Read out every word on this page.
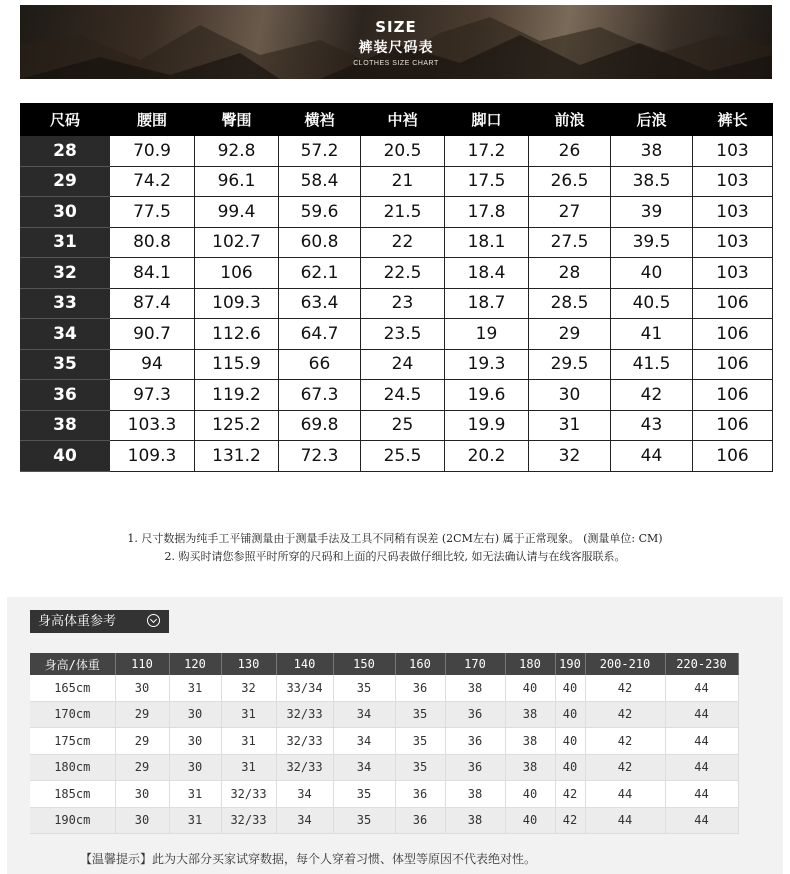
SIZE
裤装尺码表
CLOTHES SIZE CHART
尺码	腰围	臀围	横裆	中裆	脚口	前浪	后浪	裤长
28	70.9	92.8	57.2	20.5	17.2	26	38	103
29	74.2	96.1	58.4	21	17.5	26.5	38.5	103
30	77.5	99.4	59.6	21.5	17.8	27	39	103
31	80.8	102.7	60.8	22	18.1	27.5	39.5	103
32	84.1	106	62.1	22.5	18.4	28	40	103
33	87.4	109.3	63.4	23	18.7	28.5	40.5	106
34	90.7	112.6	64.7	23.5	19	29	41	106
35	94	115.9	66	24	19.3	29.5	41.5	106
36	97.3	119.2	67.3	24.5	19.6	30	42	106
38	103.3	125.2	69.8	25	19.9	31	43	106
40	109.3	131.2	72.3	25.5	20.2	32	44	106
1. 尺寸数据为纯手工平铺测量由于测量手法及工具不同稍有误差 (2CM左右) 属于正常现象。 (测量单位: CM)
2. 购买时请您参照平时所穿的尺码和上面的尺码表做仔细比较, 如无法确认请与在线客服联系。
身高体重参考
身高/体重	110	120	130	140	150	160	170	180	190	200-210	220-230
165cm	30	31	32	33/34	35	36	38	40	40	42	44
170cm	29	30	31	32/33	34	35	36	38	40	42	44
175cm	29	30	31	32/33	34	35	36	38	40	42	44
180cm	29	30	31	32/33	34	35	36	38	40	42	44
185cm	30	31	32/33	34	35	36	38	40	42	44	44
190cm	30	31	32/33	34	35	36	38	40	42	44	44
【温馨提示】此为大部分买家试穿数据，每个人穿着习惯、体型等原因不代表绝对性。
